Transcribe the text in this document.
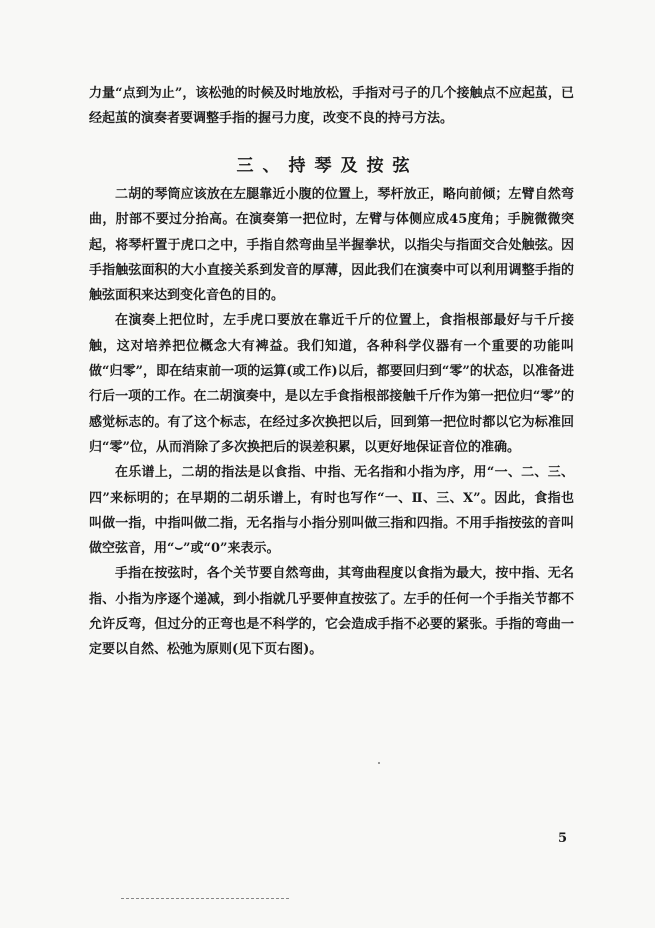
力量“点到为止”，该松弛的时候及时地放松，手指对弓子的几个接触点不应起茧，已经起茧的演奏者要调整手指的握弓力度，改变不良的持弓方法。

三、持琴及按弦

二胡的琴筒应该放在左腿靠近小腹的位置上，琴杆放正，略向前倾；左臂自然弯曲，肘部不要过分抬高。在演奏第一把位时，左臂与体侧应成45度角；手腕微微突起，将琴杆置于虎口之中，手指自然弯曲呈半握拳状，以指尖与指面交合处触弦。因手指触弦面积的大小直接关系到发音的厚薄，因此我们在演奏中可以利用调整手指的触弦面积来达到变化音色的目的。

在演奏上把位时，左手虎口要放在靠近千斤的位置上，食指根部最好与千斤接触，这对培养把位概念大有裨益。我们知道，各种科学仪器有一个重要的功能叫做“归零”，即在结束前一项的运算(或工作)以后，都要回归到“零”的状态，以准备进行后一项的工作。在二胡演奏中，是以左手食指根部接触千斤作为第一把位归“零”的感觉标志的。有了这个标志，在经过多次换把以后，回到第一把位时都以它为标准回归“零”位，从而消除了多次换把后的误差积累，以更好地保证音位的准确。

在乐谱上，二胡的指法是以食指、中指、无名指和小指为序，用“一、二、三、四”来标明的；在早期的二胡乐谱上，有时也写作“一、Ⅱ、三、X”。因此，食指也叫做一指，中指叫做二指，无名指与小指分别叫做三指和四指。不用手指按弦的音叫做空弦音，用“⌣”或“0”来表示。

手指在按弦时，各个关节要自然弯曲，其弯曲程度以食指为最大，按中指、无名指、小指为序逐个递减，到小指就几乎要伸直按弦了。左手的任何一个手指关节都不允许反弯，但过分的正弯也是不科学的，它会造成手指不必要的紧张。手指的弯曲一定要以自然、松弛为原则(见下页右图)。

5
